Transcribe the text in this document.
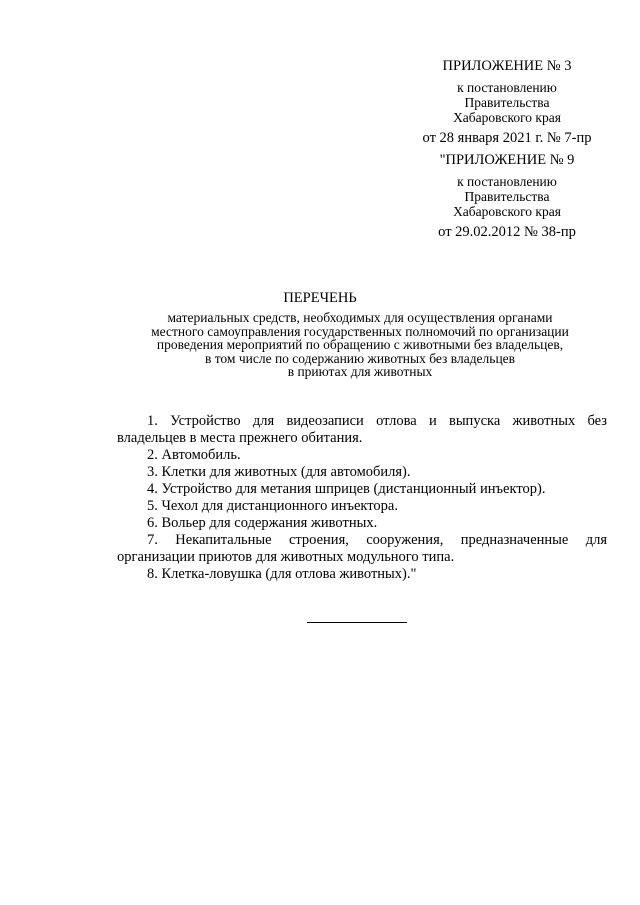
ПРИЛОЖЕНИЕ № 3
к постановлению
Правительства
Хабаровского края
от 28 января 2021 г. № 7-пр
"ПРИЛОЖЕНИЕ № 9
к постановлению
Правительства
Хабаровского края
от 29.02.2012 № 38-пр
ПЕРЕЧЕНЬ
материальных средств, необходимых для осуществления органами
местного самоуправления государственных полномочий по организации
проведения мероприятий по обращению с животными без владельцев,
в том числе по содержанию животных без владельцев
в приютах для животных

1. Устройство для видеозаписи отлова и выпуска животных без владельцев в места прежнего обитания.

2. Автомобиль.

3. Клетки для животных (для автомобиля).

4. Устройство для метания шприцев (дистанционный инъектор).

5. Чехол для дистанционного инъектора.

6. Вольер для содержания животных.

7. Некапитальные строения, сооружения, предназначенные для организации приютов для животных модульного типа.

8. Клетка-ловушка (для отлова животных)."
